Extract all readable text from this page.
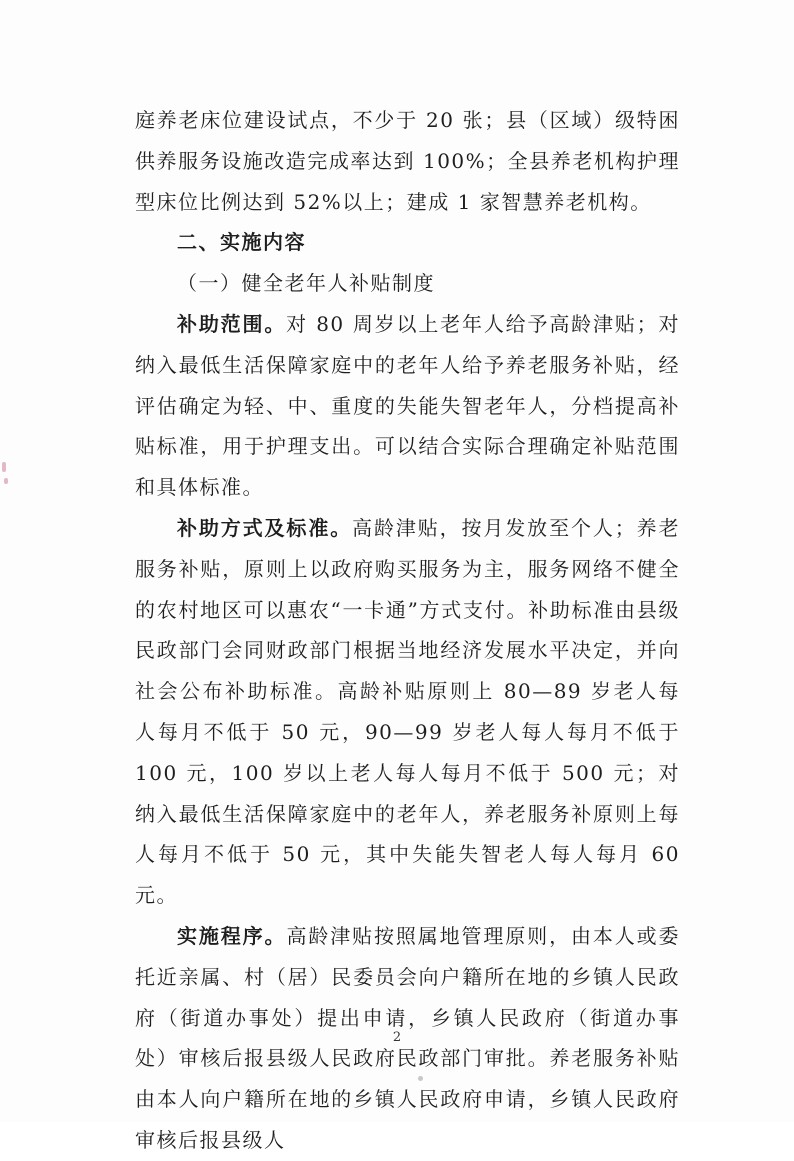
庭养老床位建设试点，不少于 20 张；县（区域）级特困供养服务设施改造完成率达到 100%；全县养老机构护理型床位比例达到 52%以上；建成 1 家智慧养老机构。

二、实施内容

（一）健全老年人补贴制度

补助范围。对 80 周岁以上老年人给予高龄津贴；对纳入最低生活保障家庭中的老年人给予养老服务补贴，经评估确定为轻、中、重度的失能失智老年人，分档提高补贴标准，用于护理支出。可以结合实际合理确定补贴范围和具体标准。

补助方式及标准。高龄津贴，按月发放至个人；养老服务补贴，原则上以政府购买服务为主，服务网络不健全的农村地区可以惠农“一卡通”方式支付。补助标准由县级民政部门会同财政部门根据当地经济发展水平决定，并向社会公布补助标准。高龄补贴原则上 80—89 岁老人每人每月不低于 50 元，90—99 岁老人每人每月不低于 100 元，100 岁以上老人每人每月不低于 500 元；对纳入最低生活保障家庭中的老年人，养老服务补原则上每人每月不低于 50 元，其中失能失智老人每人每月 60 元。

实施程序。高龄津贴按照属地管理原则，由本人或委托近亲属、村（居）民委员会向户籍所在地的乡镇人民政府（街道办事处）提出申请，乡镇人民政府（街道办事处）审核后报县级人民政府民政部门审批。养老服务补贴由本人向户籍所在地的乡镇人民政府申请，乡镇人民政府审核后报县级人

2
